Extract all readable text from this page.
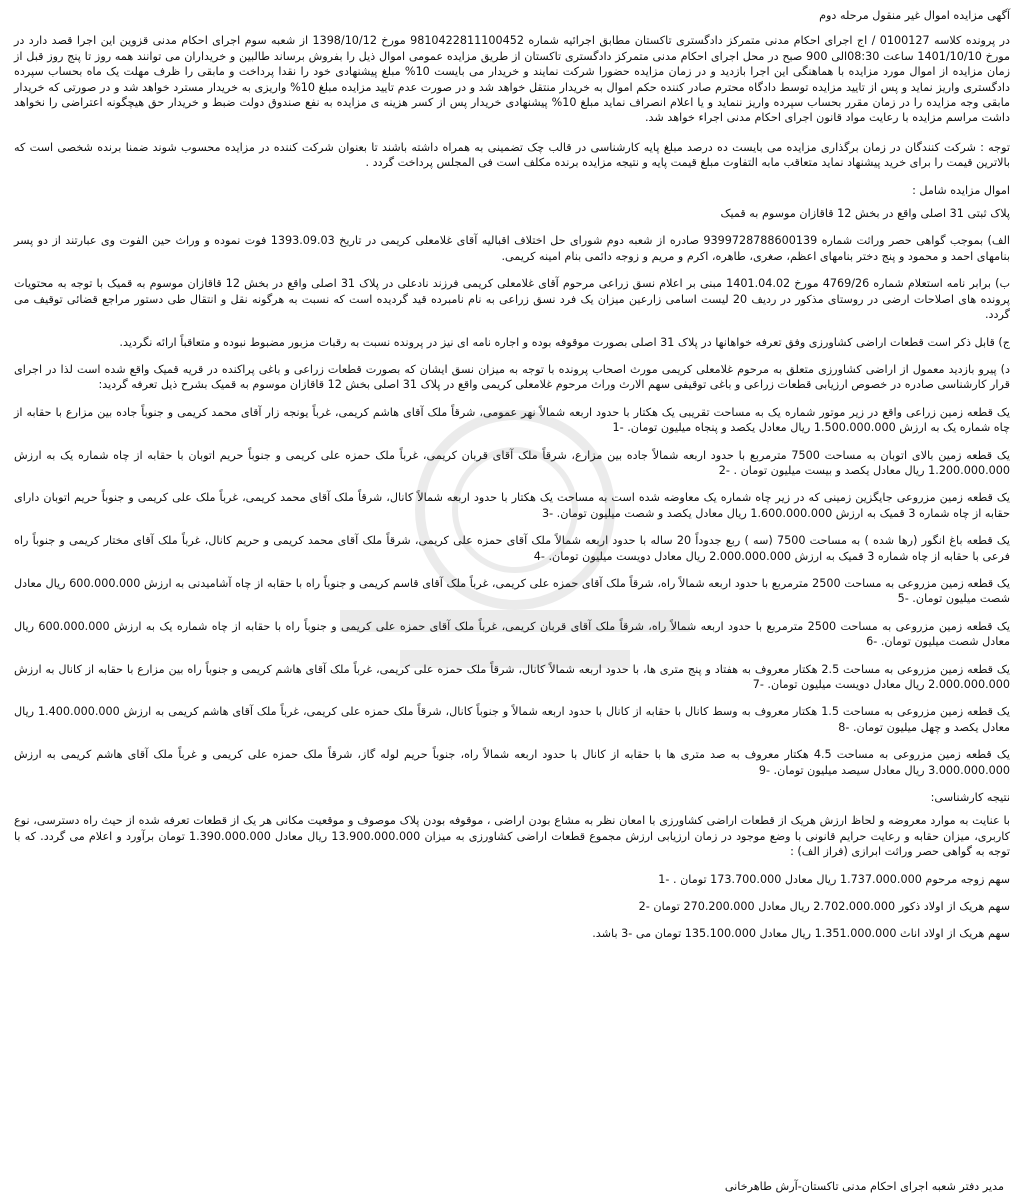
آگهی مزایده اموال غیر منقول مرحله دوم

در پرونده کلاسه 0100127 / اج اجرای احکام مدنی متمرکز دادگستری تاکستان مطابق اجرائیه شماره 9810422811100452 مورخ 1398/10/12 از شعبه سوم اجرای احکام مدنی قزوین این اجرا قصد دارد در مورخ 1401/10/10 ساعت 08:30الی 900 صبح در محل اجرای احکام مدنی متمرکز دادگستری تاکستان از طریق مزایده عمومی اموال ذیل را بفروش برساند طالبین و خریداران می توانند همه روز تا پنج روز قبل از زمان مزایده از اموال مورد مزایده با هماهنگی این اجرا بازدید و در زمان مزایده حضورا شرکت نمایند و خریدار می بایست 10% مبلغ پیشنهادی خود را نقدا پرداخت و مابقی را ظرف مهلت یک ماه بحساب سپرده دادگستری واریز نماید و پس از تایید مزایده توسط دادگاه محترم صادر کننده حکم اموال به خریدار منتقل خواهد شد و در صورت عدم تایید مزایده مبلغ 10% واریزی به خریدار مسترد خواهد شد و در صورتی که خریدار مابقی وجه مزایده را در زمان مقرر بحساب سپرده واریز ننماید و یا اعلام انصراف نماید مبلغ 10% پیشنهادی خریدار پس از کسر هزینه ی مزایده به نفع صندوق دولت ضبط و خریدار حق هیچگونه اعتراضی را نخواهد داشت مراسم مزایده با رعایت مواد قانون اجرای احکام مدنی اجراء خواهد شد.

توجه : شرکت کنندگان در زمان برگذاری مزایده می بایست ده درصد مبلغ پایه کارشناسی در قالب چک تضمینی به همراه داشته باشند تا بعنوان شرکت کننده در مزایده محسوب شوند ضمنا برنده شخصی است که بالاترین قیمت را برای خرید پیشنهاد نماید متعاقب مابه التفاوت مبلغ قیمت پایه و نتیجه مزایده برنده مکلف است فی المجلس پرداخت گردد .

اموال مزایده شامل :

پلاک ثبتی 31 اصلی واقع در بخش 12 قاقازان موسوم به قمیک

الف) بموجب گواهی حصر وراثت شماره 9399728788600139 صادره از شعبه دوم شورای حل اختلاف اقبالیه آقای غلامعلی کریمی در تاریخ 1393.09.03 فوت نموده و وراث حین الفوت وی عبارتند از دو پسر بنامهای احمد و محمود و پنج دختر بنامهای اعظم، صغری، طاهره، اکرم و مریم و زوجه دائمی بنام امینه کریمی.

ب) برابر نامه استعلام شماره 4769/26 مورخ 1401.04.02 مبنی بر اعلام نسق زراعی مرحوم آقای غلامعلی کریمی فرزند نادعلی در پلاک 31 اصلی واقع در بخش 12 قاقازان موسوم به قمیک با توجه به محتویات پرونده های اصلاحات ارضی در روستای مذکور در ردیف 20 لیست اسامی زارعین میزان یک فرد نسق زراعی به نام نامبرده قید گردیده است که نسبت به هرگونه نقل و انتقال طی دستور مراجع قضائی توقیف می گردد.

ج) قابل ذکر است قطعات اراضی کشاورزی وفق تعرفه خواهانها در پلاک 31 اصلی بصورت موقوفه بوده و اجاره نامه ای نیز در پرونده نسبت به رقبات مزبور مضبوط نبوده و متعاقباً ارائه نگردید.

د) پیرو بازدید معمول از اراضی کشاورزی متعلق به مرحوم غلامعلی کریمی مورث اصحاب پرونده با توجه به میزان نسق ایشان که بصورت قطعات زراعی و باغی پراکنده در قریه قمیک واقع شده است لذا در اجرای قرار کارشناسی صادره در خصوص ارزیابی قطعات زراعی و باغی توقیفی سهم الارث وراث مرحوم غلامعلی کریمی واقع در پلاک 31 اصلی بخش 12 قاقازان موسوم به قمیک بشرح ذیل تعرفه گردید:

یک قطعه زمین زراعی واقع در زیر موتور شماره یک به مساحت تقریبی یک هکتار با حدود اربعه شمالاً نهر عمومی، شرقاً ملک آقای هاشم کریمی، غرباً یونجه زار آقای محمد کریمی و جنوباً جاده بین مزارع با حقابه از چاه شماره یک به ارزش 1.500.000.000 ریال معادل یکصد و پنجاه میلیون تومان. -1

یک قطعه زمین بالای اتوبان به مساحت 7500 مترمربع با حدود اربعه شمالاً جاده بین مزارع، شرقاً ملک آقای قربان کریمی، غرباً ملک حمزه علی کریمی و جنوباً حریم اتوبان با حقابه از چاه شماره یک به ارزش 1.200.000.000 ریال معادل یکصد و بیست میلیون تومان . -2

یک قطعه زمین مزروعی جایگزین زمینی که در زیر چاه شماره یک معاوضه شده است به مساحت یک هکتار با حدود اربعه شمالاً کانال، شرقاً ملک آقای محمد کریمی، غرباً ملک علی کریمی و جنوباً حریم اتوبان دارای حقابه از چاه شماره 3 قمیک به ارزش 1.600.000.000 ریال معادل یکصد و شصت میلیون تومان. -3

یک قطعه باغ انگور (رها شده ) به مساحت 7500 (سه ) ربع جدوداً 20 ساله با حدود اربعه شمالاً ملک آقای حمزه علی کریمی، شرقاً ملک آقای محمد کریمی و حریم کانال، غرباً ملک آقای مختار کریمی و جنوباً راه فرعی با حقابه از چاه شماره 3 قمیک به ارزش 2.000.000.000 ریال معادل دویست میلیون تومان. -4

یک قطعه زمین مزروعی به مساحت 2500 مترمربع با حدود اربعه شمالاً راه، شرقاً ملک آقای حمزه علی کریمی، غرباً ملک آقای قاسم کریمی و جنوباً راه با حقابه از چاه آشامیدنی به ارزش 600.000.000 ریال معادل شصت میلیون تومان. -5

یک قطعه زمین مزروعی به مساحت 2500 مترمربع با حدود اربعه شمالاً راه، شرقاً ملک آقای قربان کریمی، غرباً ملک آقای حمزه علی کریمی و جنوباً راه با حقابه از چاه شماره یک به ارزش 600.000.000 ریال معادل شصت میلیون تومان. -6

یک قطعه زمین مزروعی به مساحت 2.5 هکتار معروف به هفتاد و پنج متری ها، با حدود اربعه شمالاً کانال، شرقاً ملک حمزه علی کریمی، غرباً ملک آقای هاشم کریمی و جنوباً راه بین مزارع با حقابه از کانال به ارزش 2.000.000.000 ریال معادل دویست میلیون تومان. -7

یک قطعه زمین مزروعی به مساحت 1.5 هکتار معروف به وسط کانال با حقابه از کانال با حدود اربعه شمالاً و جنوباً کانال، شرقاً ملک حمزه علی کریمی، غرباً ملک آقای هاشم کریمی به ارزش 1.400.000.000 ریال معادل یکصد و چهل میلیون تومان. -8

یک قطعه زمین مزروعی به مساحت 4.5 هکتار معروف به صد متری ها با حقابه از کانال با حدود اربعه شمالاً راه، جنوباً حریم لوله گاز، شرقاً ملک حمزه علی کریمی و غرباً ملک آقای هاشم کریمی به ارزش 3.000.000.000 ریال معادل سیصد میلیون تومان. -9

نتیجه کارشناسی:

با عنایت به موارد معروضه و لحاظ ارزش هریک از قطعات اراضی کشاورزی با امعان نظر به مشاع بودن اراضی ، موقوفه بودن پلاک موصوف و موقعیت مکانی هر یک از قطعات تعرفه شده از حیث راه دسترسی، نوع کاربری، میزان حقابه و رعایت حرایم قانونی با وضع موجود در زمان ارزیابی ارزش مجموع قطعات اراضی کشاورزی به میزان 13.900.000.000 ریال معادل 1.390.000.000 تومان برآورد و اعلام می گردد. که با توجه به گواهی حصر وراثت ابرازی (فراز الف) :

سهم زوجه مرحوم 1.737.000.000 ریال معادل 173.700.000 تومان . -1

سهم هریک از اولاد ذکور 2.702.000.000 ریال معادل 270.200.000 تومان -2

سهم هریک از اولاد اناث 1.351.000.000 ریال معادل 135.100.000 تومان می -3 باشد.

مدیر دفتر شعبه اجرای احکام مدنی تاکستان-آرش طاهرخانی
